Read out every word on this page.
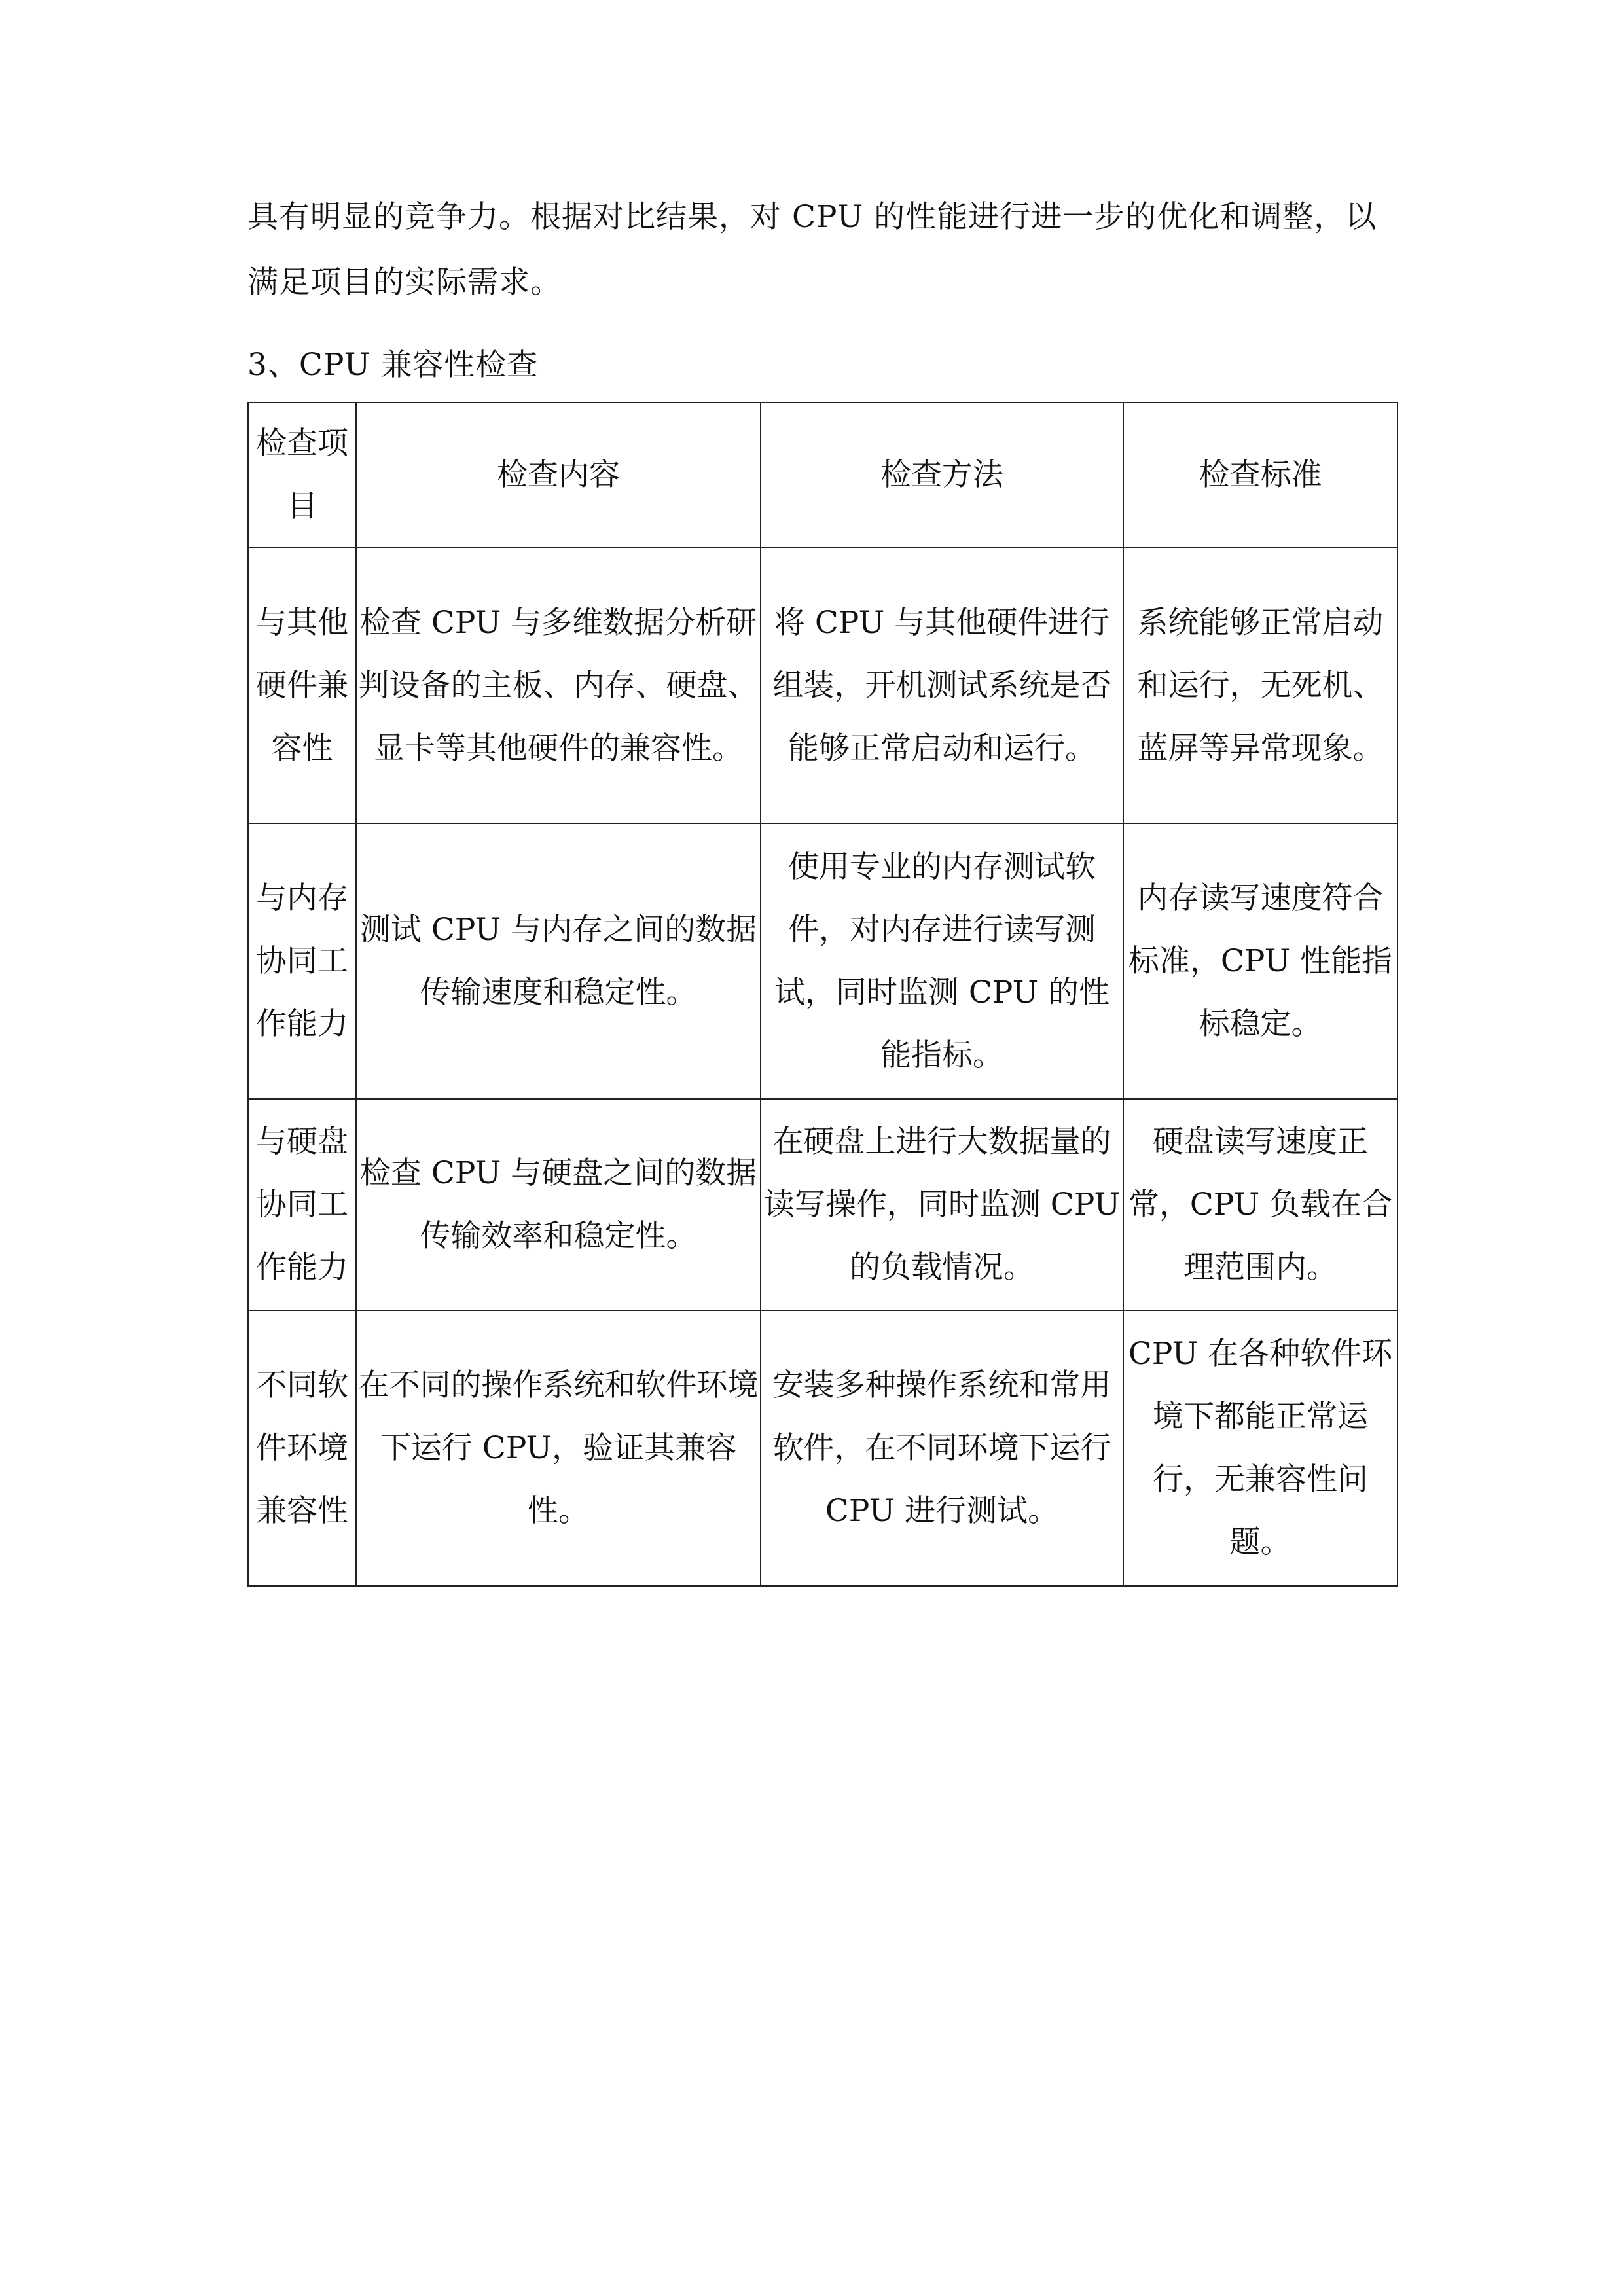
具有明显的竞争力。根据对比结果，对 CPU 的性能进行进一步的优化和调整，以满足项目的实际需求。

3、CPU 兼容性检查
检查项目	检查内容	检查方法	检查标准
与其他硬件兼容性	检查 CPU 与多维数据分析研判设备的主板、内存、硬盘、显卡等其他硬件的兼容性。	将 CPU 与其他硬件进行组装，开机测试系统是否能够正常启动和运行。	系统能够正常启动和运行，无死机、蓝屏等异常现象。
与内存协同工作能力	测试 CPU 与内存之间的数据传输速度和稳定性。	使用专业的内存测试软件，对内存进行读写测试，同时监测 CPU 的性能指标。	内存读写速度符合标准，CPU 性能指标稳定。
与硬盘协同工作能力	检查 CPU 与硬盘之间的数据传输效率和稳定性。	在硬盘上进行大数据量的读写操作，同时监测 CPU 的负载情况。	硬盘读写速度正常，CPU 负载在合理范围内。
不同软件环境兼容性	在不同的操作系统和软件环境下运行 CPU，验证其兼容性。	安装多种操作系统和常用软件，在不同环境下运行 CPU 进行测试。	CPU 在各种软件环境下都能正常运行，无兼容性问题。
